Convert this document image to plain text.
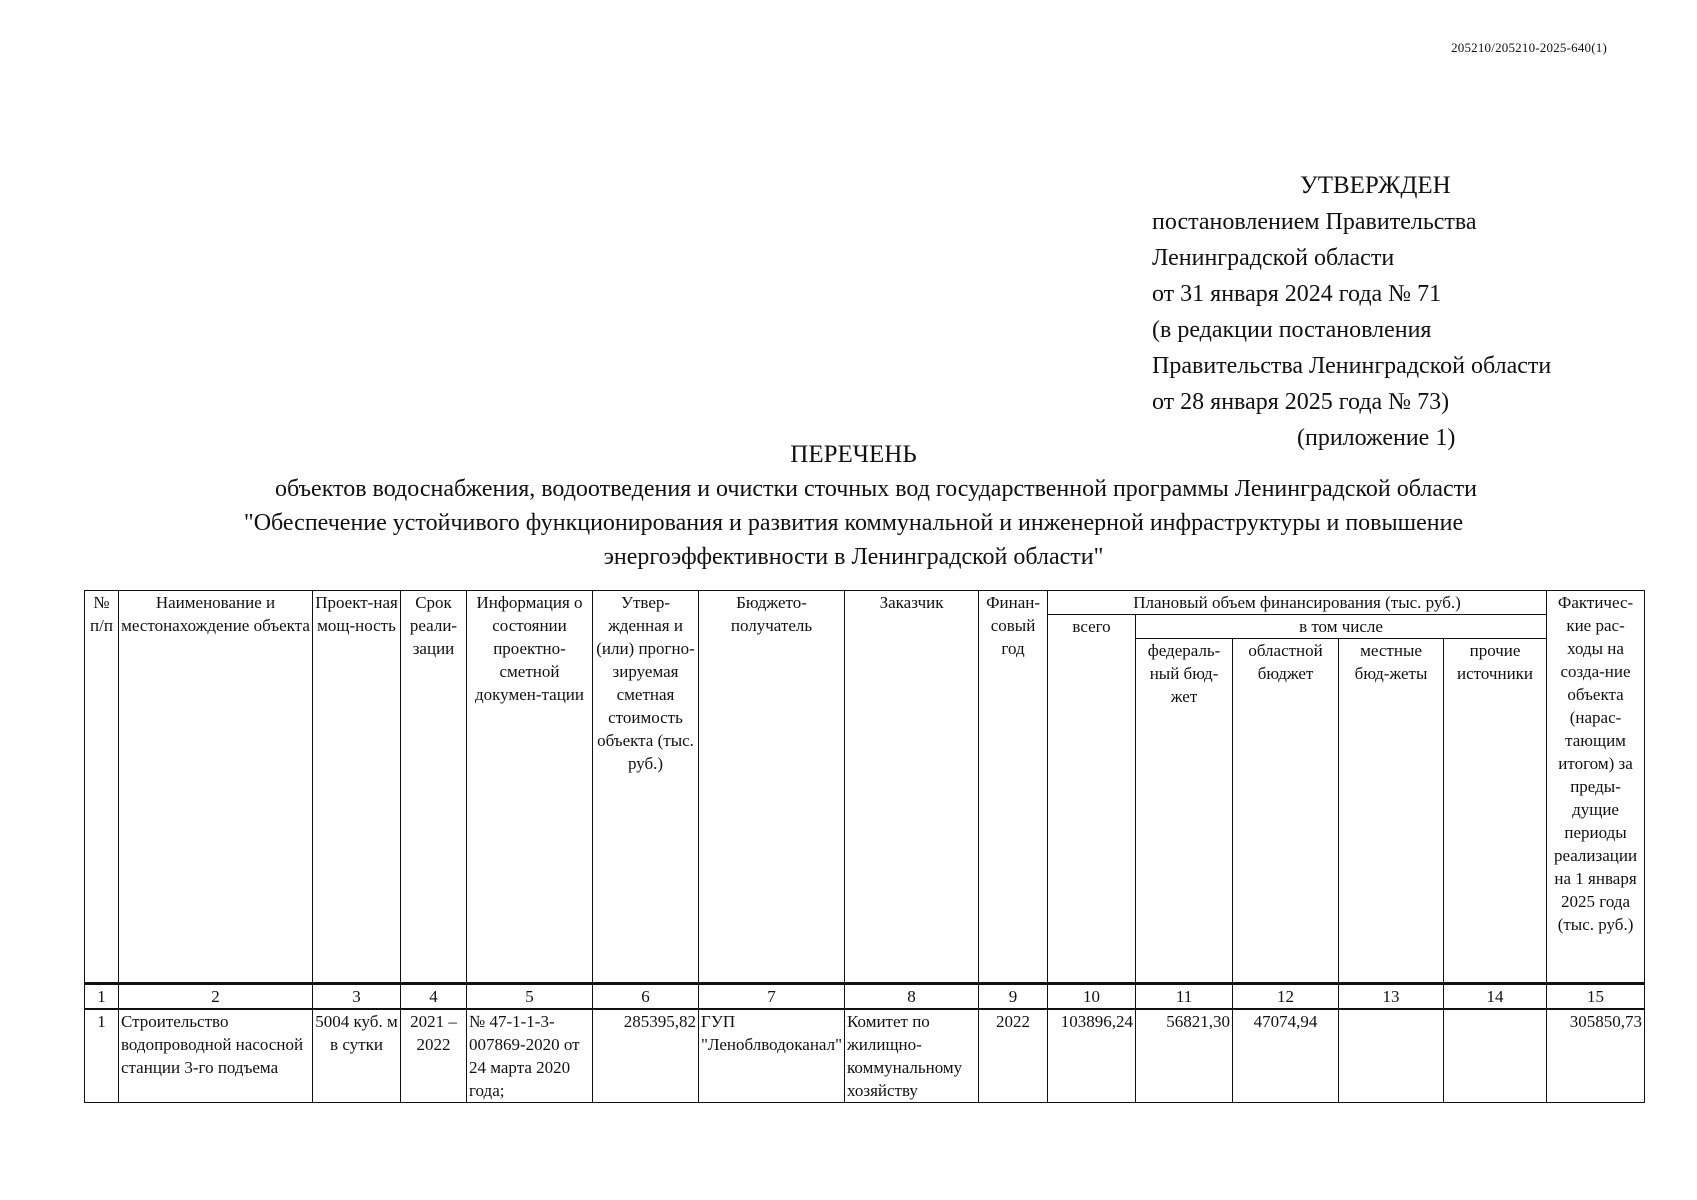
205210/205210-2025-640(1)
УТВЕРЖДЕН
постановлением Правительства
Ленинградской области
от 31 января 2024 года № 71
(в редакции постановления
Правительства Ленинградской области
от 28 января 2025 года № 73)
(приложение 1)
ПЕРЕЧЕНЬ
объектов водоснабжения, водоотведения и очистки сточных вод государственной программы Ленинградской области
"Обеспечение устойчивого функционирования и развития коммунальной и инженерной инфраструктуры и повышение
энергоэффективности в Ленинградской области"
№ п/п	Наименование и местонахождение объекта	Проект-ная мощ-ность	Срок реали-зации	Информация о состоянии проектно-сметной докумен-тации	Утвер-жденная и (или) прогно-зируемая сметная стоимость объекта (тыс. руб.)	Бюджето-получатель	Заказчик	Финан-совый год	Плановый объем финансирования (тыс. руб.)					Фактичес-кие рас-ходы на созда-ние объекта (нарас-тающим итогом) за преды-дущие периоды реализации на 1 января 2025 года (тыс. руб.)
									всего	в том числе				
										федераль-ный бюд-жет	областной бюджет	местные бюд-жеты	прочие источники	
1	2	3	4	5	6	7	8	9	10	11	12	13	14	15
1	Строительство водопроводной насосной станции 3-го подъема	5004 куб. м в сутки	2021 – 2022	№ 47-1-1-3-007869-2020 от 24 марта 2020 года;	285395,82	ГУП "Леноблводоканал"	Комитет по жилищно-коммунальному хозяйству	2022	103896,24	56821,30	47074,94			305850,73
